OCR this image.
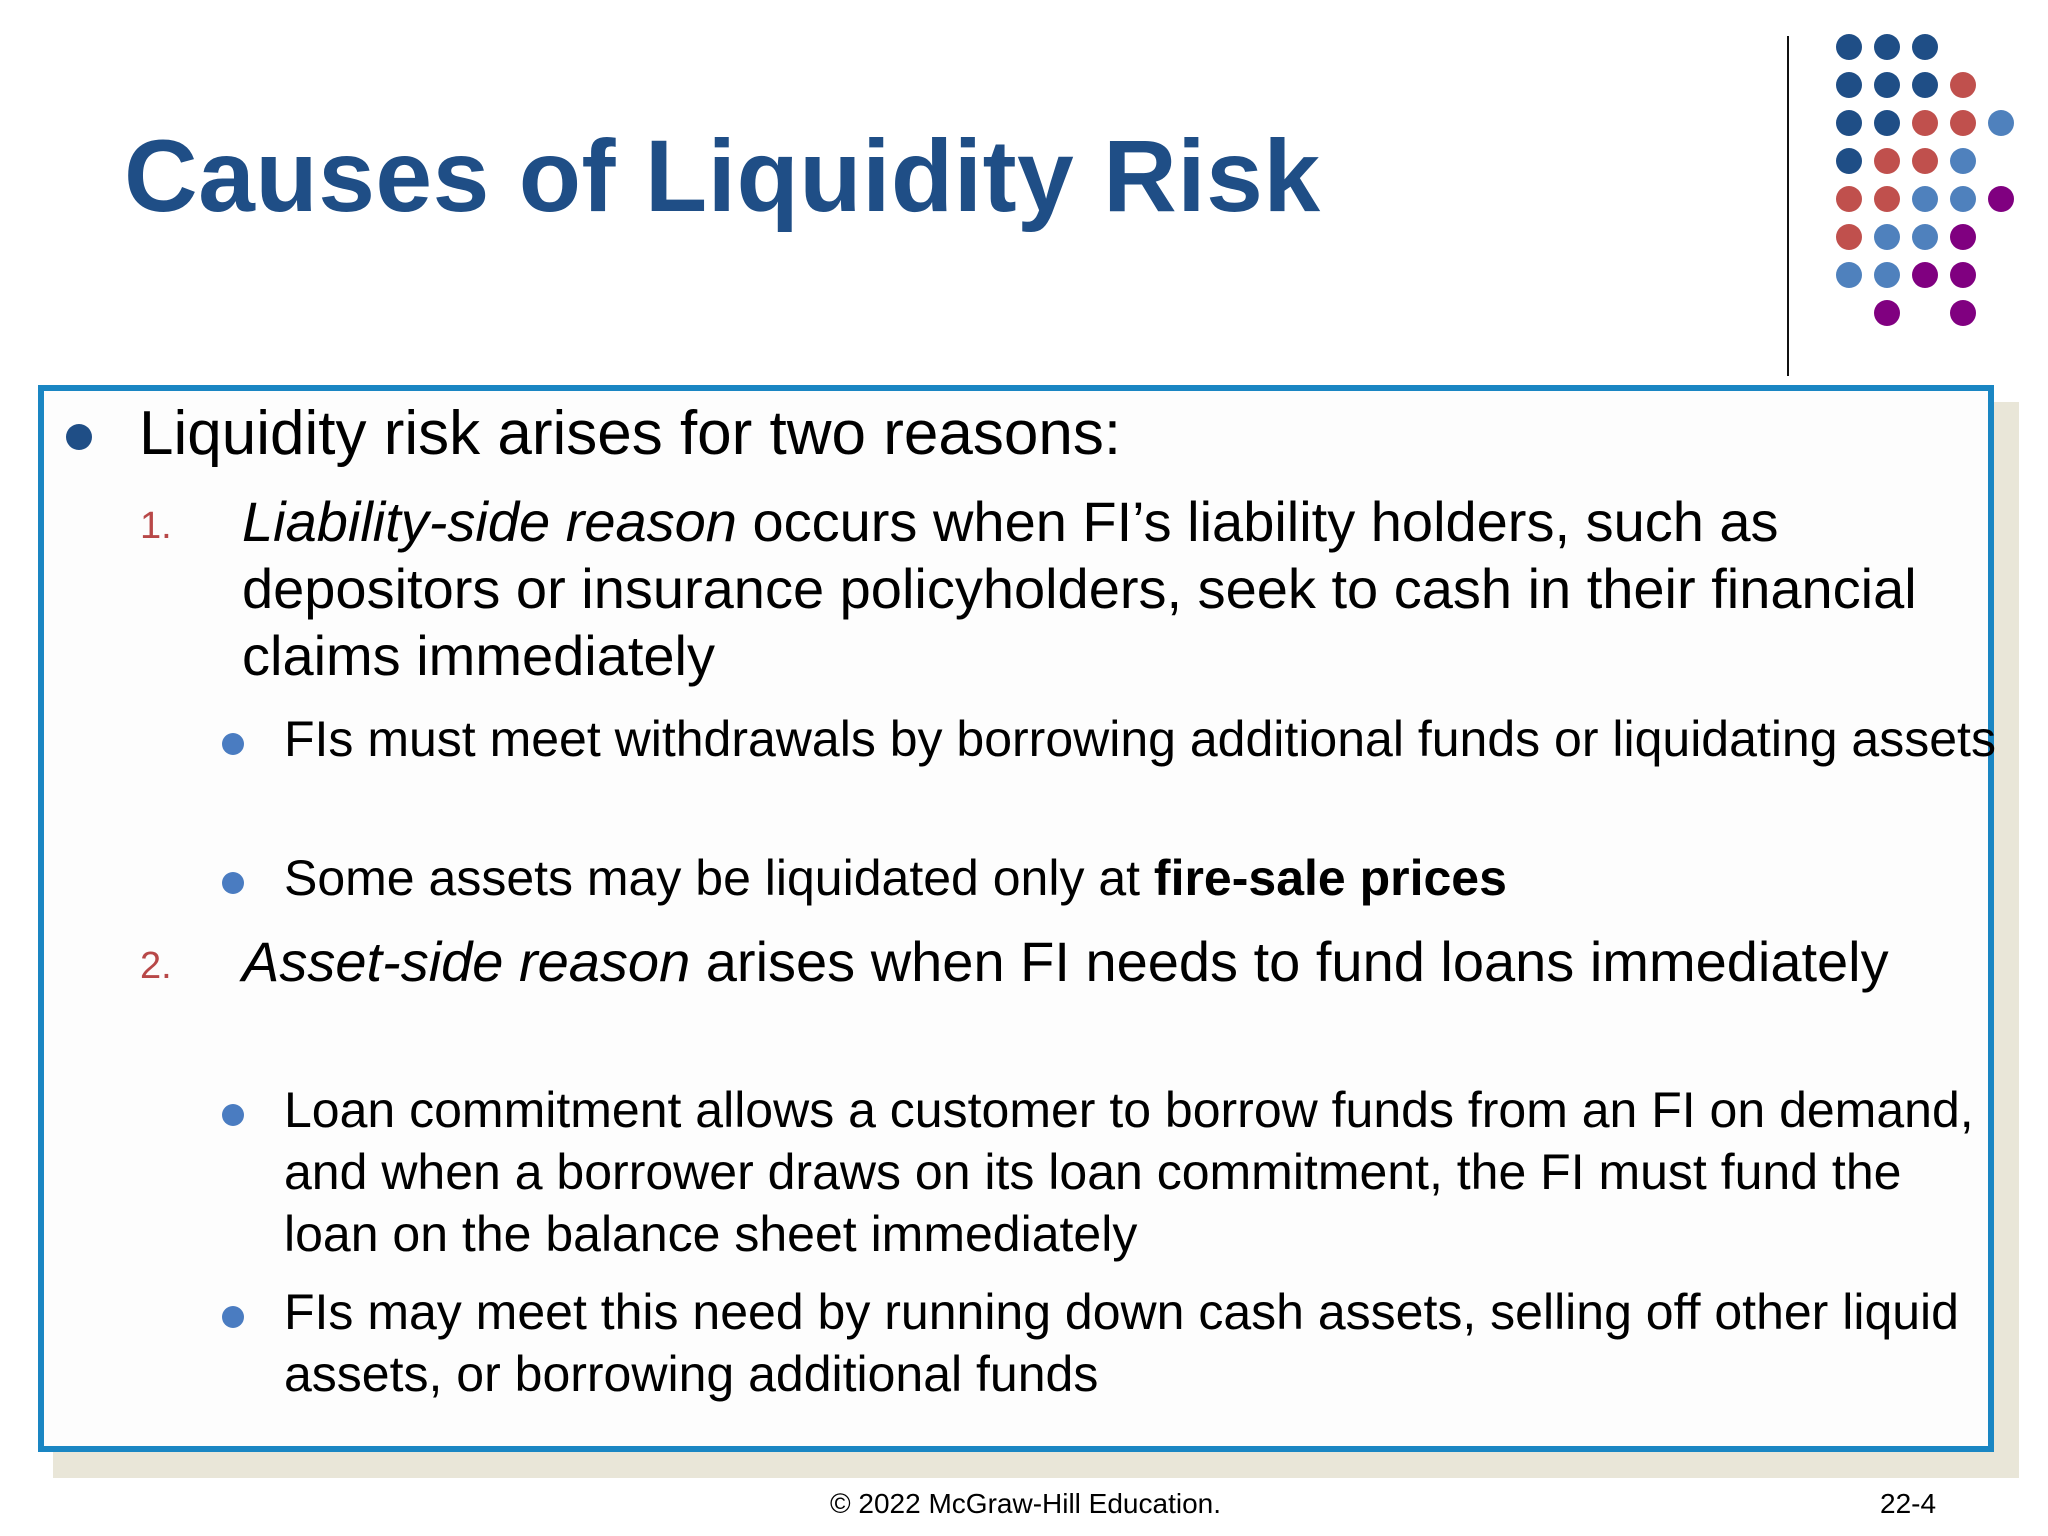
Causes of Liquidity Risk
Liquidity risk arises for two reasons:
1. Liability-side reason occurs when FI’s liability holders, such as depositors or insurance policyholders, seek to cash in their financial claims immediately
FIs must meet withdrawals by borrowing additional funds or liquidating assets
Some assets may be liquidated only at fire-sale prices
2. Asset-side reason arises when FI needs to fund loans immediately
Loan commitment allows a customer to borrow funds from an FI on demand, and when a borrower draws on its loan commitment, the FI must fund the loan on the balance sheet immediately
FIs may meet this need by running down cash assets, selling off other liquid assets, or borrowing additional funds
© 2022 McGraw-Hill Education.	22-4
